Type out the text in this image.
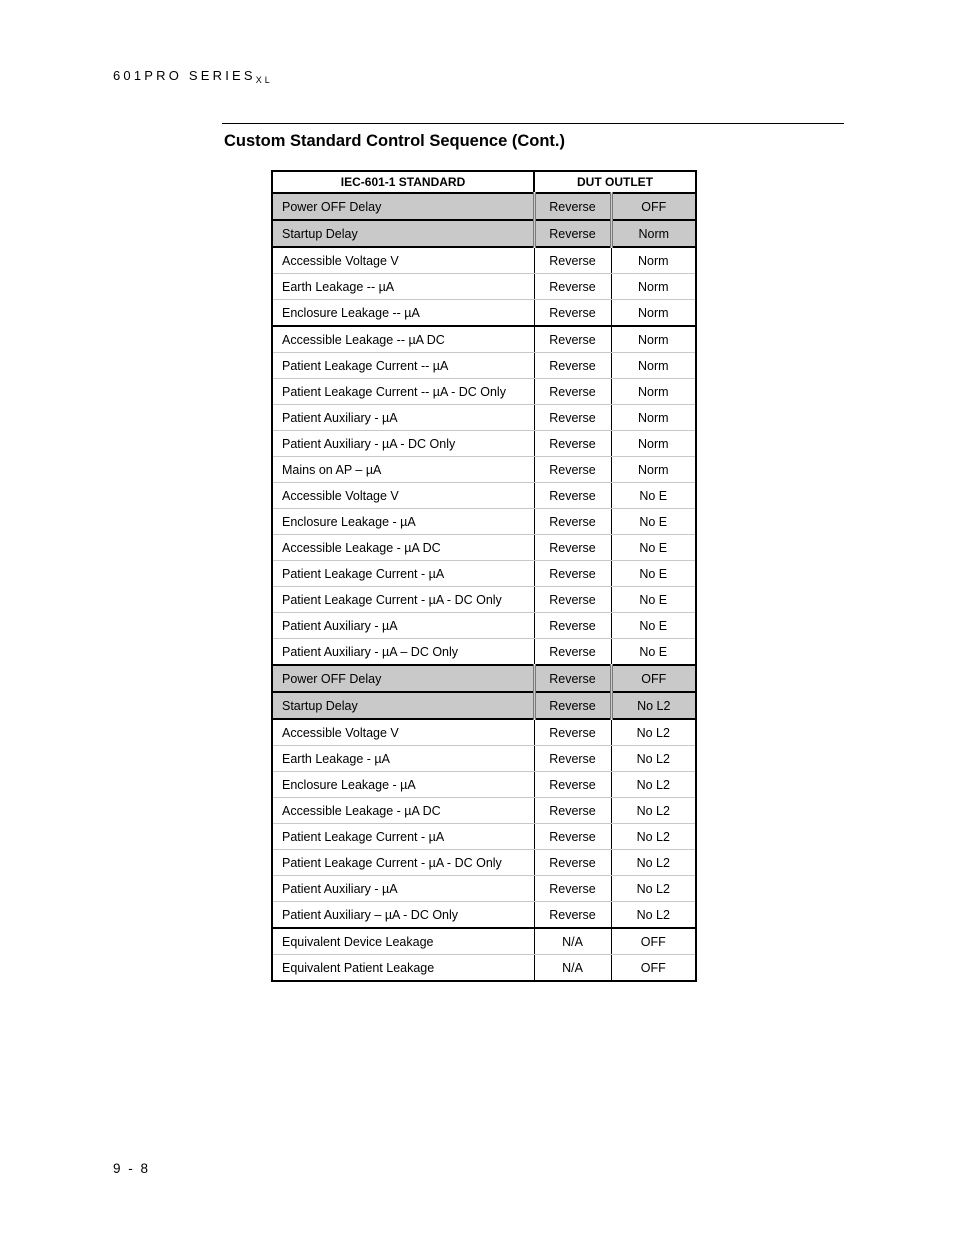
601PRO $SERIES_{XL}$
Custom Standard Control Sequence (Cont.)
IEC-601-1 STANDARD	DUT OUTLET	
Power OFF Delay	Reverse	OFF
Startup Delay	Reverse	Norm
Accessible Voltage V	Reverse	Norm
Earth Leakage -- µA	Reverse	Norm
Enclosure Leakage -- µA	Reverse	Norm
Accessible Leakage -- µA DC	Reverse	Norm
Patient Leakage Current -- µA	Reverse	Norm
Patient Leakage Current -- µA - DC Only	Reverse	Norm
Patient Auxiliary - µA	Reverse	Norm
Patient Auxiliary - µA - DC Only	Reverse	Norm
Mains on AP – µA	Reverse	Norm
Accessible Voltage V	Reverse	No E
Enclosure Leakage - µA	Reverse	No E
Accessible Leakage - µA DC	Reverse	No E
Patient Leakage Current - µA	Reverse	No E
Patient Leakage Current - µA - DC Only	Reverse	No E
Patient Auxiliary - µA	Reverse	No E
Patient Auxiliary - µA – DC Only	Reverse	No E
Power OFF Delay	Reverse	OFF
Startup Delay	Reverse	No L2
Accessible Voltage V	Reverse	No L2
Earth Leakage - µA	Reverse	No L2
Enclosure Leakage - µA	Reverse	No L2
Accessible Leakage - µA DC	Reverse	No L2
Patient Leakage Current - µA	Reverse	No L2
Patient Leakage Current - µA - DC Only	Reverse	No L2
Patient Auxiliary - µA	Reverse	No L2
Patient Auxiliary – µA - DC Only	Reverse	No L2
Equivalent Device Leakage	N/A	OFF
Equivalent Patient Leakage	N/A	OFF
9 - 8
